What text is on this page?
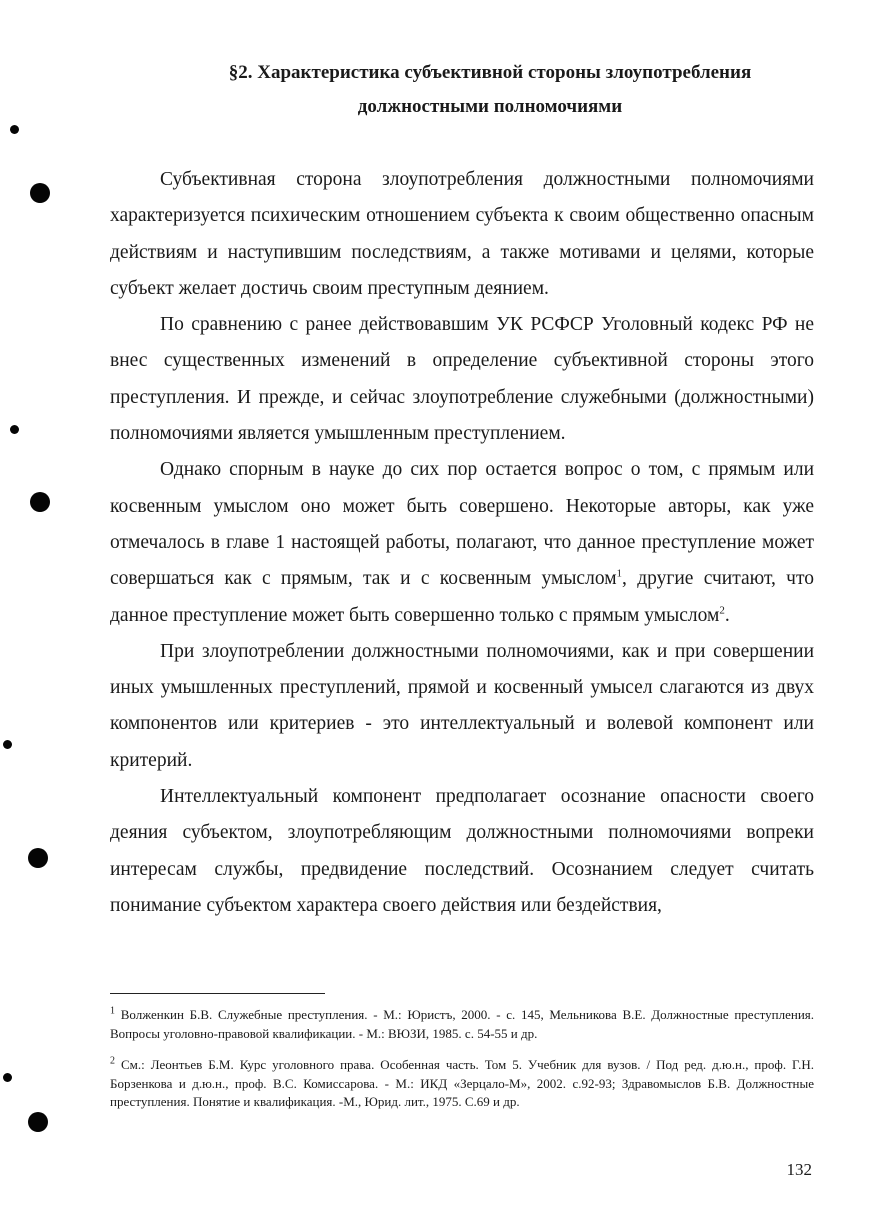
§2. Характеристика субъективной стороны злоупотребления
должностными полномочиями

Субъективная сторона злоупотребления должностными полномочиями характеризуется психическим отношением субъекта к своим общественно опасным действиям и наступившим последствиям, а также мотивами и целями, которые субъект желает достичь своим преступным деянием.

По сравнению с ранее действовавшим УК РСФСР Уголовный кодекс РФ не внес существенных изменений в определение субъективной стороны этого преступления. И прежде, и сейчас злоупотребление служебными (должностными) полномочиями является умышленным преступлением.

Однако спорным в науке до сих пор остается вопрос о том, с прямым или косвенным умыслом оно может быть совершено. Некоторые авторы, как уже отмечалось в главе 1 настоящей работы, полагают, что данное преступление может совершаться как с прямым, так и с косвенным умыслом$^1$, другие считают, что данное преступление может быть совершенно только с прямым умыслом$^2$.

При злоупотреблении должностными полномочиями, как и при совершении иных умышленных преступлений, прямой и косвенный умысел слагаются из двух компонентов или критериев - это интеллектуальный и волевой компонент или критерий.

Интеллектуальный компонент предполагает осознание опасности своего деяния субъектом, злоупотребляющим должностными полномочиями вопреки интересам службы, предвидение последствий. Осознанием следует считать понимание субъектом характера своего действия или бездействия,

$^1$ Волженкин Б.В. Служебные преступления. - М.: Юристъ, 2000. - с. 145, Мельникова В.Е. Должностные преступления. Вопросы уголовно-правовой квалификации. - М.: ВЮЗИ, 1985. с. 54-55 и др.

$^2$ См.: Леонтьев Б.М. Курс уголовного права. Особенная часть. Том 5. Учебник для вузов. / Под ред. д.ю.н., проф. Г.Н. Борзенкова и д.ю.н., проф. В.С. Комиссарова. - М.: ИКД «Зерцало-М», 2002. с.92-93; Здравомыслов Б.В. Должностные преступления. Понятие и квалификация. -М., Юрид. лит., 1975. С.69 и др.

132
